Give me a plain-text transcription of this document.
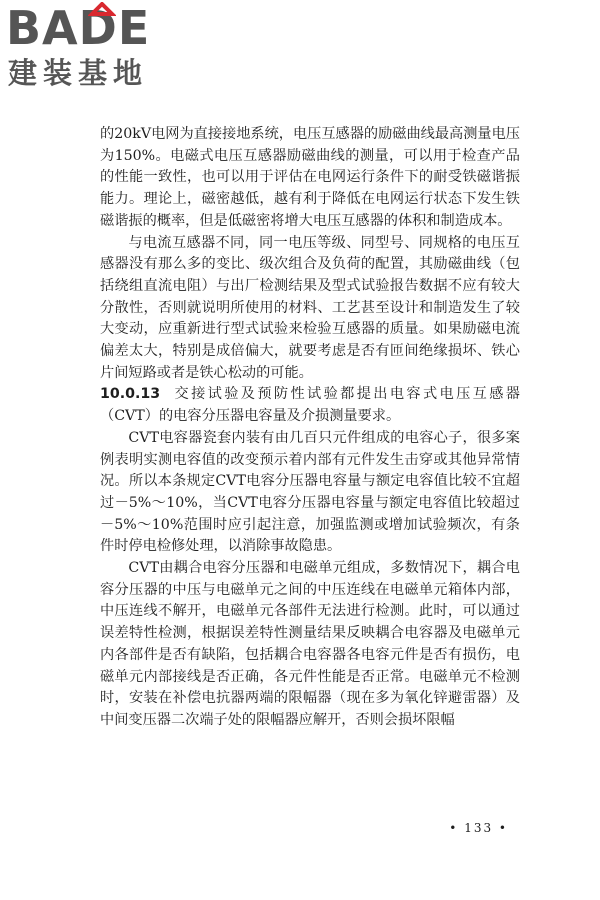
BADE
建装基地

的20kV电网为直接接地系统，电压互感器的励磁曲线最高测量电压为150%。电磁式电压互感器励磁曲线的测量，可以用于检查产品的性能一致性，也可以用于评估在电网运行条件下的耐受铁磁谐振能力。理论上，磁密越低，越有利于降低在电网运行状态下发生铁磁谐振的概率，但是低磁密将增大电压互感器的体积和制造成本。

与电流互感器不同，同一电压等级、同型号、同规格的电压互感器没有那么多的变比、级次组合及负荷的配置，其励磁曲线（包括绕组直流电阻）与出厂检测结果及型式试验报告数据不应有较大分散性，否则就说明所使用的材料、工艺甚至设计和制造发生了较大变动，应重新进行型式试验来检验互感器的质量。如果励磁电流偏差太大，特别是成倍偏大，就要考虑是否有匝间绝缘损坏、铁心片间短路或者是铁心松动的可能。

10.0.13 交接试验及预防性试验都提出电容式电压互感器（CVT）的电容分压器电容量及介损测量要求。

CVT电容器瓷套内装有由几百只元件组成的电容心子，很多案例表明实测电容值的改变预示着内部有元件发生击穿或其他异常情况。所以本条规定CVT电容分压器电容量与额定电容值比较不宜超过－5%～10%，当CVT电容分压器电容量与额定电容值比较超过－5%～10%范围时应引起注意，加强监测或增加试验频次，有条件时停电检修处理，以消除事故隐患。

CVT由耦合电容分压器和电磁单元组成，多数情况下，耦合电容分压器的中压与电磁单元之间的中压连线在电磁单元箱体内部，中压连线不解开，电磁单元各部件无法进行检测。此时，可以通过误差特性检测，根据误差特性测量结果反映耦合电容器及电磁单元内各部件是否有缺陷，包括耦合电容器各电容元件是否有损伤，电磁单元内部接线是否正确，各元件性能是否正常。电磁单元不检测时，安装在补偿电抗器两端的限幅器（现在多为氧化锌避雷器）及中间变压器二次端子处的限幅器应解开，否则会损坏限幅

• 133 •
